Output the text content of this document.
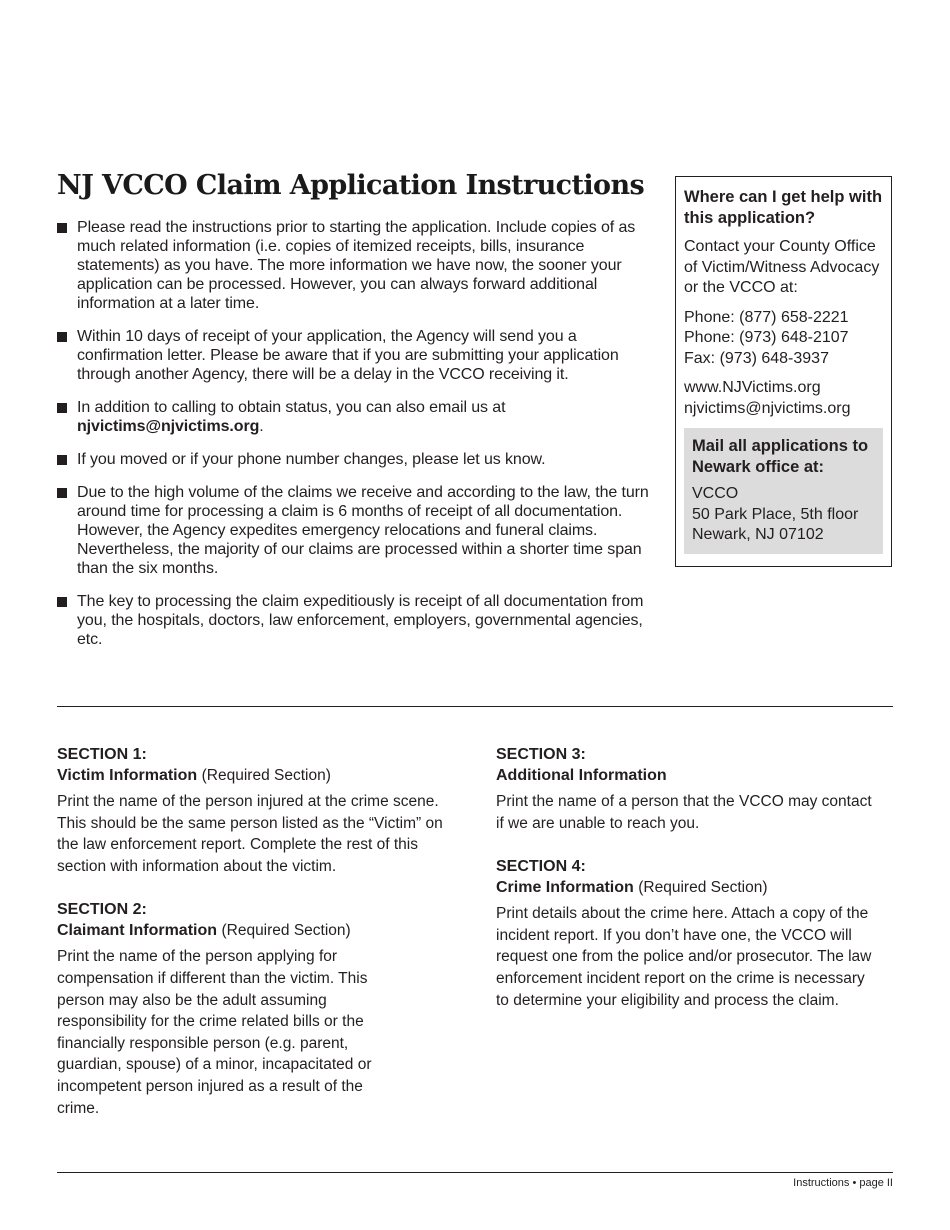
NJ VCCO Claim Application Instructions
Please read the instructions prior to starting the application. Include copies of as much related information (i.e. copies of itemized receipts, bills, insurance statements) as you have. The more information we have now, the sooner your application can be processed. However, you can always forward additional information at a later time.
Within 10 days of receipt of your application, the Agency will send you a confirmation letter. Please be aware that if you are submitting your application through another Agency, there will be a delay in the VCCO receiving it.
In addition to calling to obtain status, you can also email us at njvictims@njvictims.org.
If you moved or if your phone number changes, please let us know.
Due to the high volume of the claims we receive and according to the law, the turn around time for processing a claim is 6 months of receipt of all documentation. However, the Agency expedites emergency relocations and funeral claims. Nevertheless, the majority of our claims are processed within a shorter time span than the six months.
The key to processing the claim expeditiously is receipt of all documentation from you, the hospitals, doctors, law enforcement, employers, governmental agencies, etc.
Where can I get help with this application?

Contact your County Office of Victim/Witness Advocacy or the VCCO at:

Phone: (877) 658-2221
Phone: (973) 648-2107
Fax: (973) 648-3937

www.NJVictims.org
njvictims@njvictims.org

Mail all applications to Newark office at:

VCCO
50 Park Place, 5th floor
Newark, NJ 07102

SECTION 1:
Victim Information (Required Section)

Print the name of the person injured at the crime scene. This should be the same person listed as the “Victim” on the law enforcement report. Complete the rest of this section with information about the victim.

SECTION 2:
Claimant Information (Required Section)

Print the name of the person applying for compensation if different than the victim. This person may also be the adult assuming responsibility for the crime related bills or the financially responsible person (e.g. parent, guardian, spouse) of a minor, incapacitated or incompetent person injured as a result of the crime.

SECTION 3:
Additional Information

Print the name of a person that the VCCO may contact if we are unable to reach you.

SECTION 4:
Crime Information (Required Section)

Print details about the crime here. Attach a copy of the incident report. If you don’t have one, the VCCO will request one from the police and/or prosecutor. The law enforcement incident report on the crime is necessary to determine your eligibility and process the claim.

Instructions • page II
